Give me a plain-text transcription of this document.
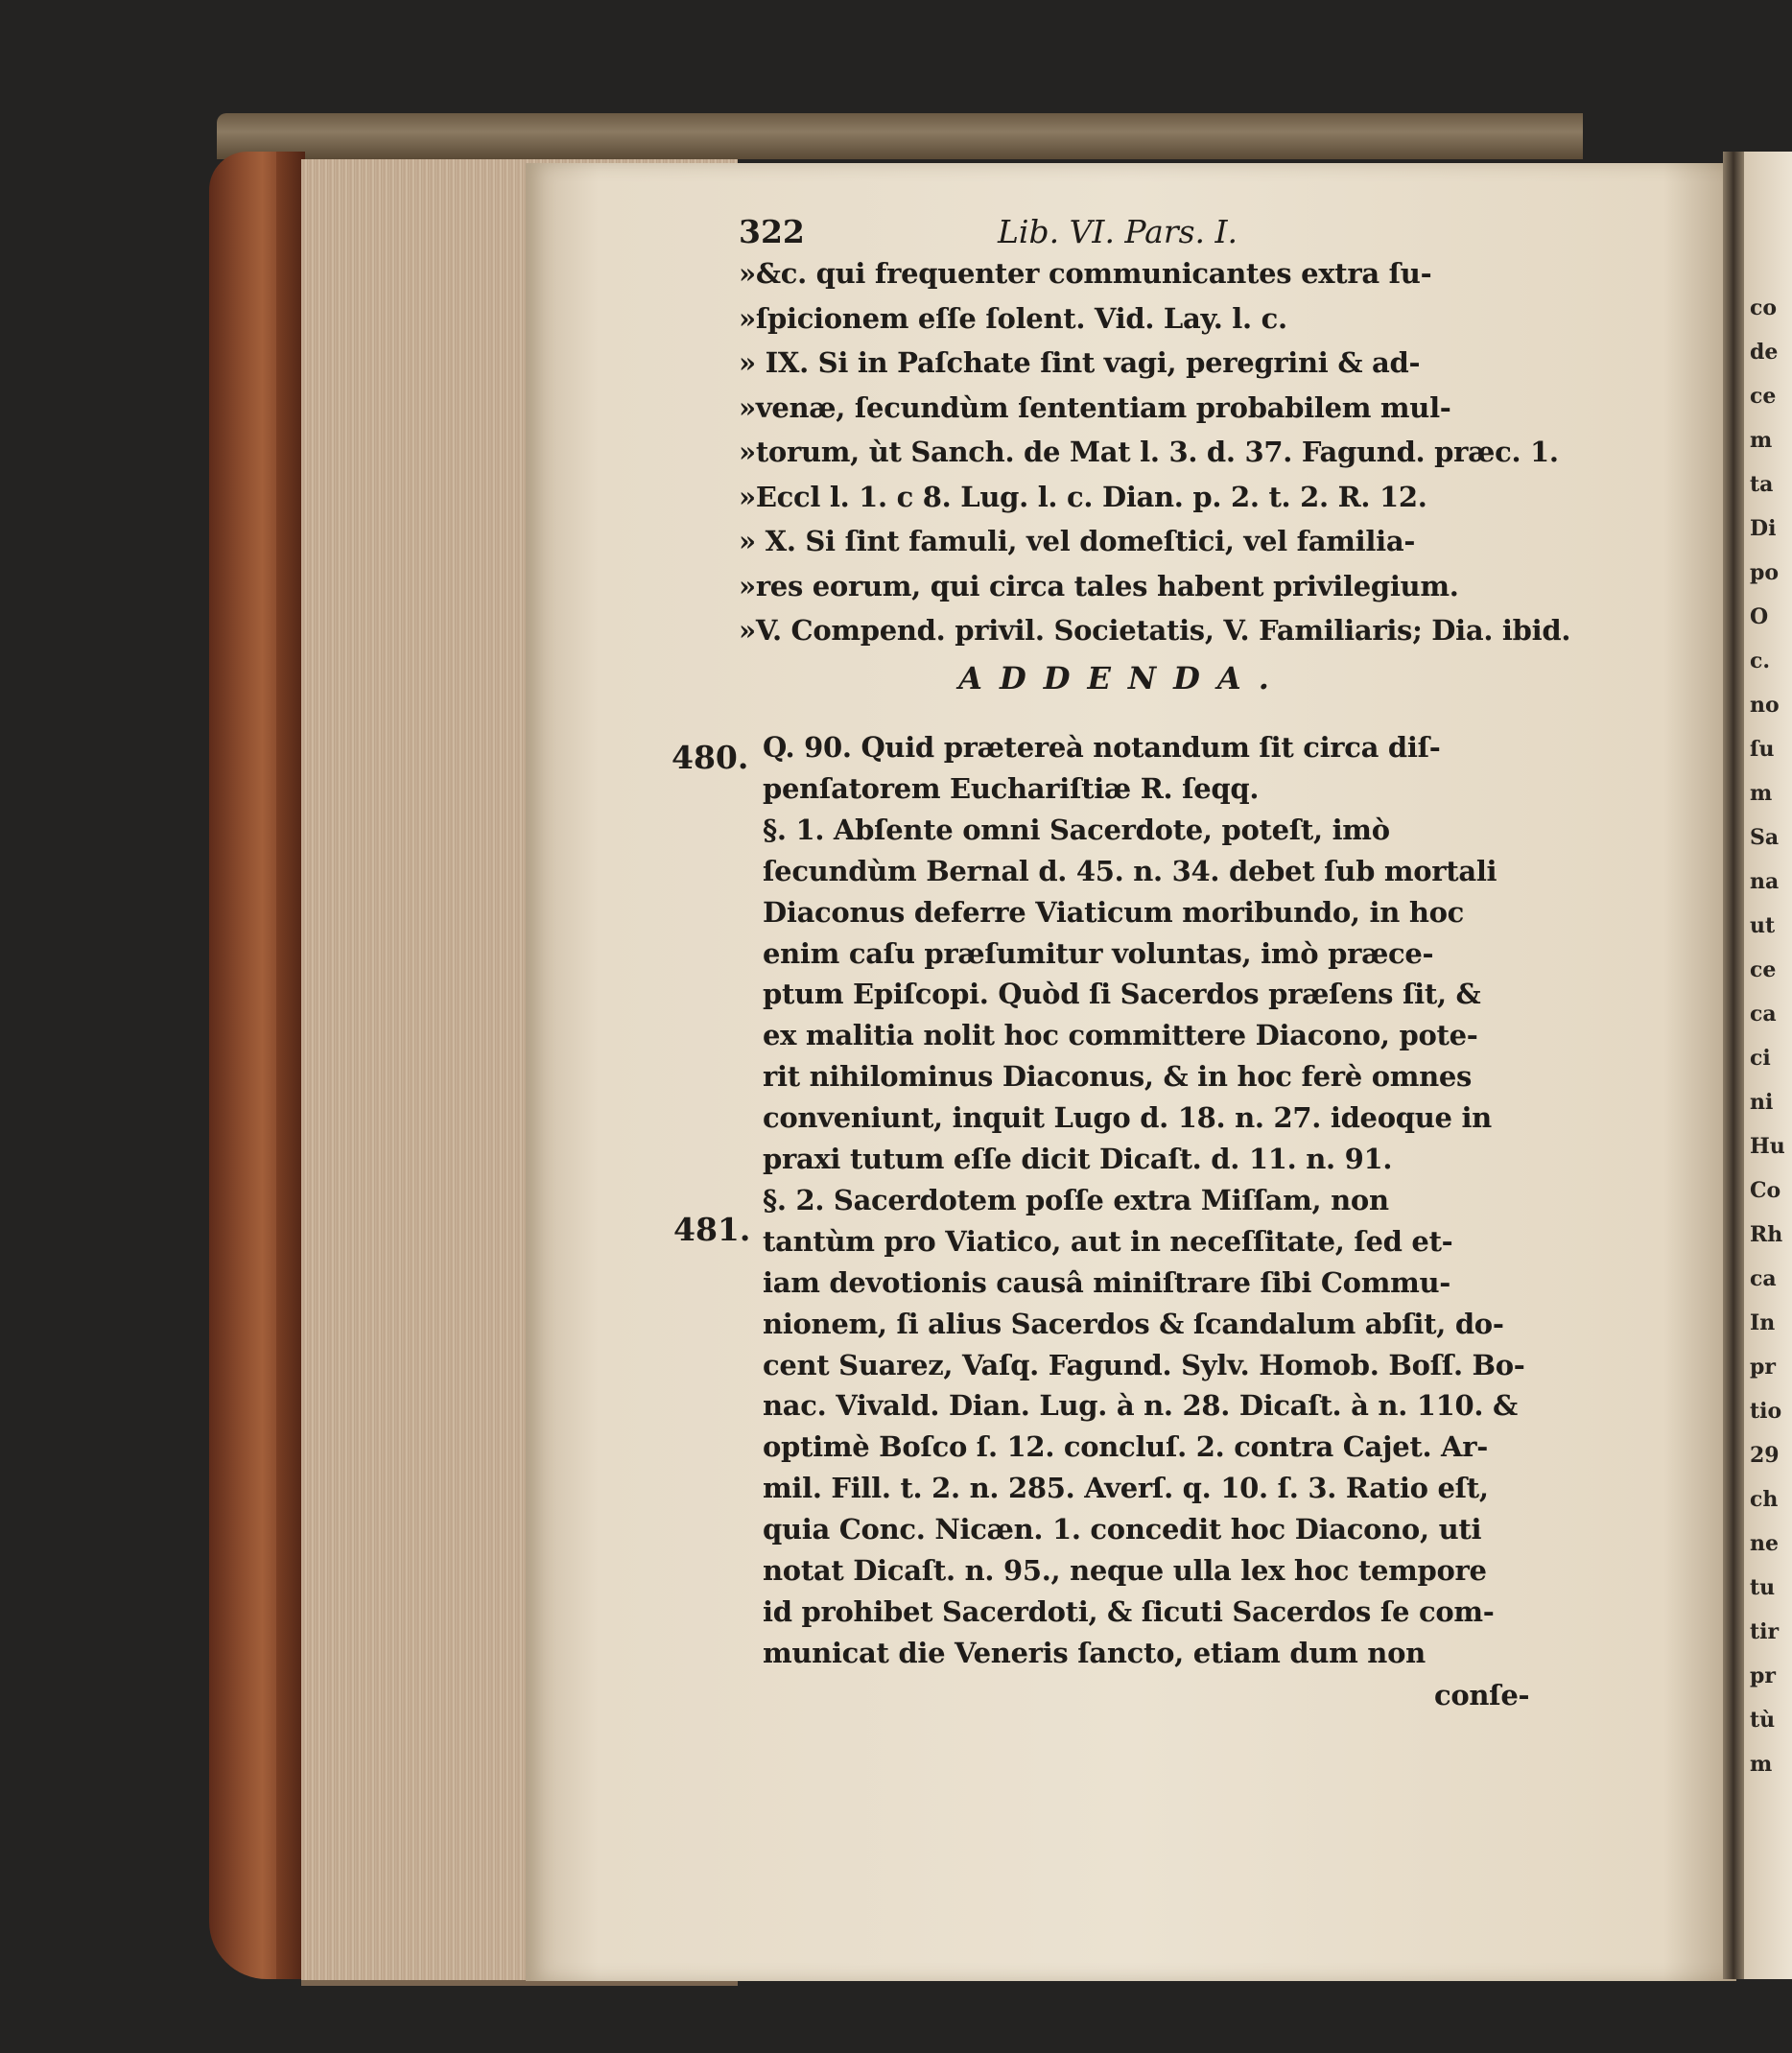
co
de
ce
m
ta
Di
po
O
c.
no
ſu
m
Sa
na
ut
ce
ca
ci
ni
Hu
Co
Rh
ca
In
pr
tio
29
ch
ne
tu
tir
pr
tù
m
322	Lib. VI. Pars. I.
»&c. qui frequenter communicantes extra ſu-
»ſpicionem eſſe ſolent. Vid. Lay. l. c.
» IX. Si in Paſchate ſint vagi, peregrini & ad-
»venæ, ſecundùm ſententiam probabilem mul-
»torum, ùt Sanch. de Mat l. 3. d. 37. Fagund. præc. 1.
»Eccl l. 1. c 8. Lug. l. c. Dian. p. 2. t. 2. R. 12.
» X. Si ſint famuli, vel domeſtici, vel familia-
»res eorum, qui circa tales habent privilegium.
»V. Compend. privil. Societatis, V. Familiaris; Dia. ibid.
ADDENDA.
480.
481.
Q. 90. Quid prætereà notandum ſit circa diſ-
penſatorem Euchariſtiæ R. ſeqq.
§. 1. Abſente omni Sacerdote, poteſt, imò
ſecundùm Bernal d. 45. n. 34. debet ſub mortali
Diaconus deferre Viaticum moribundo, in hoc
enim caſu præſumitur voluntas, imò præce-
ptum Epiſcopi. Quòd ſi Sacerdos præſens ſit, &
ex malitia nolit hoc committere Diacono, pote-
rit nihilominus Diaconus, & in hoc ferè omnes
conveniunt, inquit Lugo d. 18. n. 27. ideoque in
praxi tutum eſſe dicit Dicaſt. d. 11. n. 91.
§. 2. Sacerdotem poſſe extra Miſſam, non
tantùm pro Viatico, aut in neceſſitate, ſed et-
iam devotionis causâ miniſtrare ſibi Commu-
nionem, ſi alius Sacerdos & ſcandalum abſit, do-
cent Suarez, Vaſq. Fagund. Sylv. Homob. Boſſ. Bo-
nac. Vivald. Dian. Lug. à n. 28. Dicaſt. à n. 110. &
optimè Boſco ſ. 12. concluſ. 2. contra Cajet. Ar-
mil. Fill. t. 2. n. 285. Averſ. q. 10. ſ. 3. Ratio eſt,
quia Conc. Nicæn. 1. concedit hoc Diacono, uti
notat Dicaſt. n. 95., neque ulla lex hoc tempore
id prohibet Sacerdoti, & ſicuti Sacerdos ſe com-
municat die Veneris ſancto, etiam dum non
conſe-
